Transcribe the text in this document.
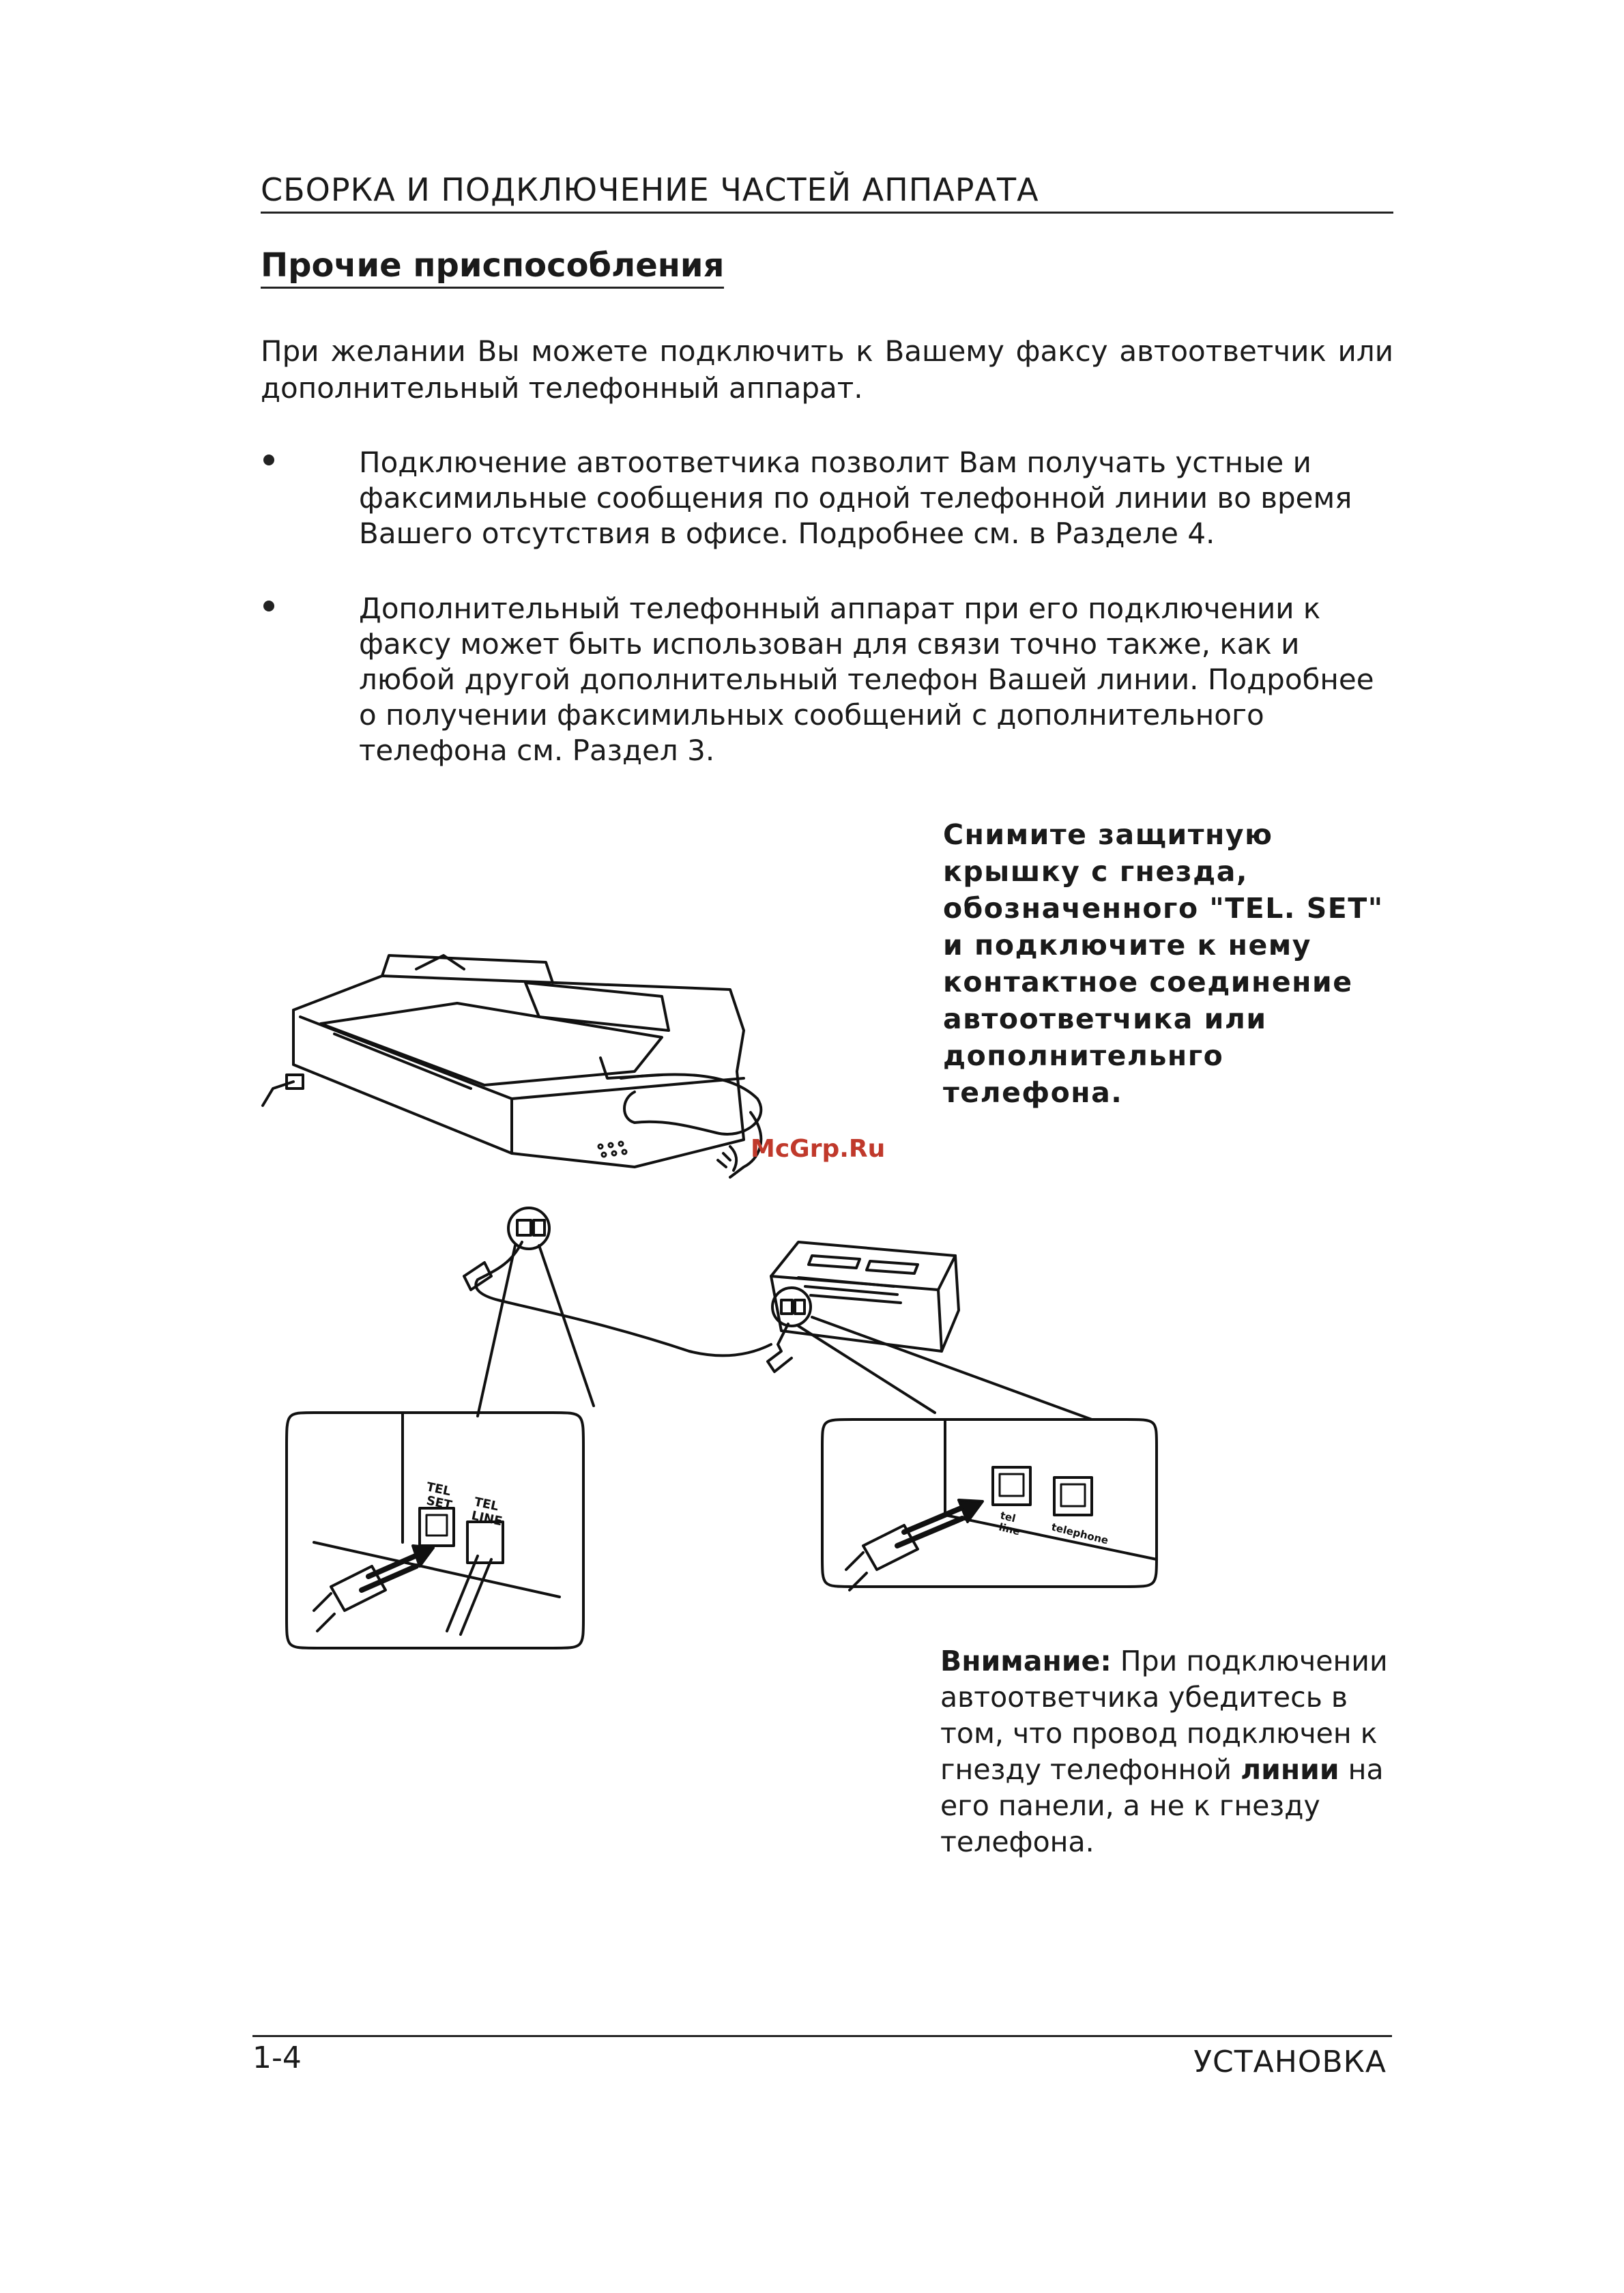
СБОРКА И ПОДКЛЮЧЕНИЕ ЧАСТЕЙ АППАРАТА
Прочие приспособления
При желании Вы можете подключить к Вашему факсу автоответчик или дополнительный телефонный аппарат.
Подключение автоответчика позволит Вам получать устные и факсимильные сообщения по одной телефонной линии во время Вашего отсутствия в офисе. Подробнее см. в Разделе 4.
Дополнительный телефонный аппарат при его подключении к факсу может быть использован для связи точно также, как и любой другой дополнительный телефон Вашей линии. Подробнее о получении факсимильных сообщений с дополнительного телефона см. Раздел 3.
Снимите защитную крышку с гнезда, обозначенного "TEL. SET" и подключите к нему контактное соединение автоответчика или дополнительнго телефона.
TEL
SET TEL
LINE	tel
line	telephone
McGrp.Ru
Внимание: При подключении автоответчика убедитесь в том, что провод подключен к гнезду телефонной линии на его панели, а не к гнезду телефона.
1-4	УСТАНОВКА
